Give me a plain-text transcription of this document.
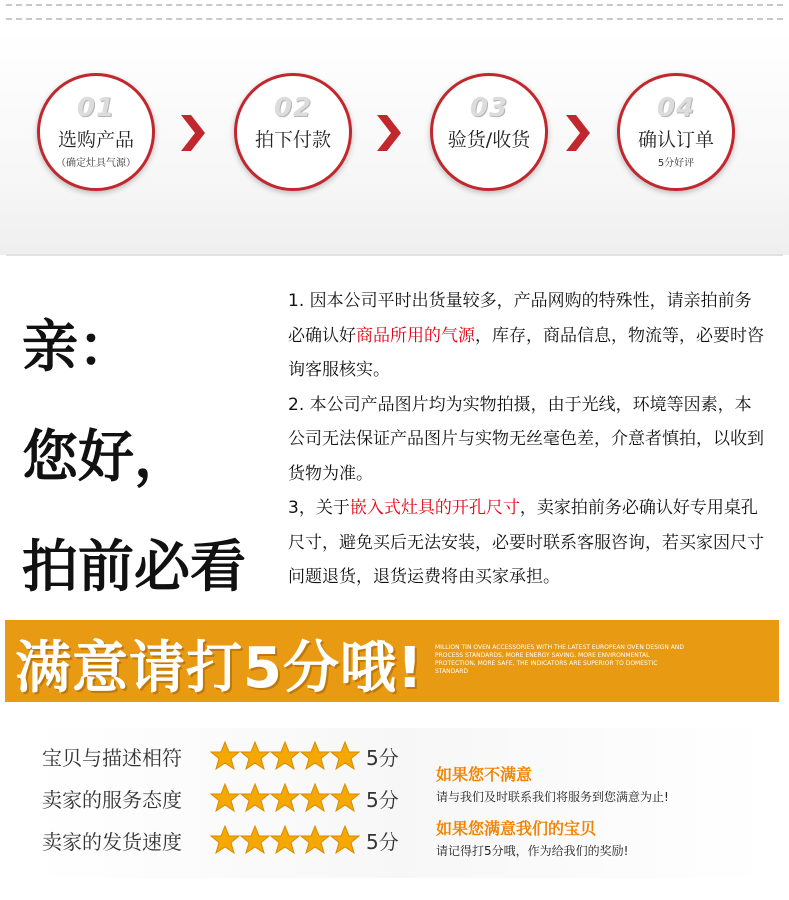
01
选购产品
（确定灶具气源）
02
拍下付款
03
验货/收货
04
确认订单
5分好评
亲：
您好，
拍前必看

1. 因本公司平时出货量较多，产品网购的特殊性，请亲拍前务必确认好商品所用的气源，库存，商品信息，物流等，必要时咨询客服核实。

2. 本公司产品图片均为实物拍摄，由于光线，环境等因素，本公司无法保证产品图片与实物无丝毫色差，介意者慎拍，以收到货物为准。

3，关于嵌入式灶具的开孔尺寸，卖家拍前务必确认好专用桌孔尺寸，避免买后无法安装，必要时联系客服咨询，若买家因尺寸问题退货，退货运费将由买家承担。

满意请打5分哦! MILLION TIN OVEN ACCESSORIES WITH THE LATEST EUROPEAN OVEN DESIGN AND PROCESS STANDARDS, MORE ENERGY SAVING, MORE ENVIRONMENTAL PROTECTION, MORE SAFE, THE INDICATORS ARE SUPERIOR TO DOMESTIC STANDARD
宝贝与描述相符	5分
卖家的服务态度	5分
卖家的发货速度	5分
如果您不满意
请与我们及时联系我们将服务到您满意为止!
如果您满意我们的宝贝
请记得打5分哦，作为给我们的奖励!
